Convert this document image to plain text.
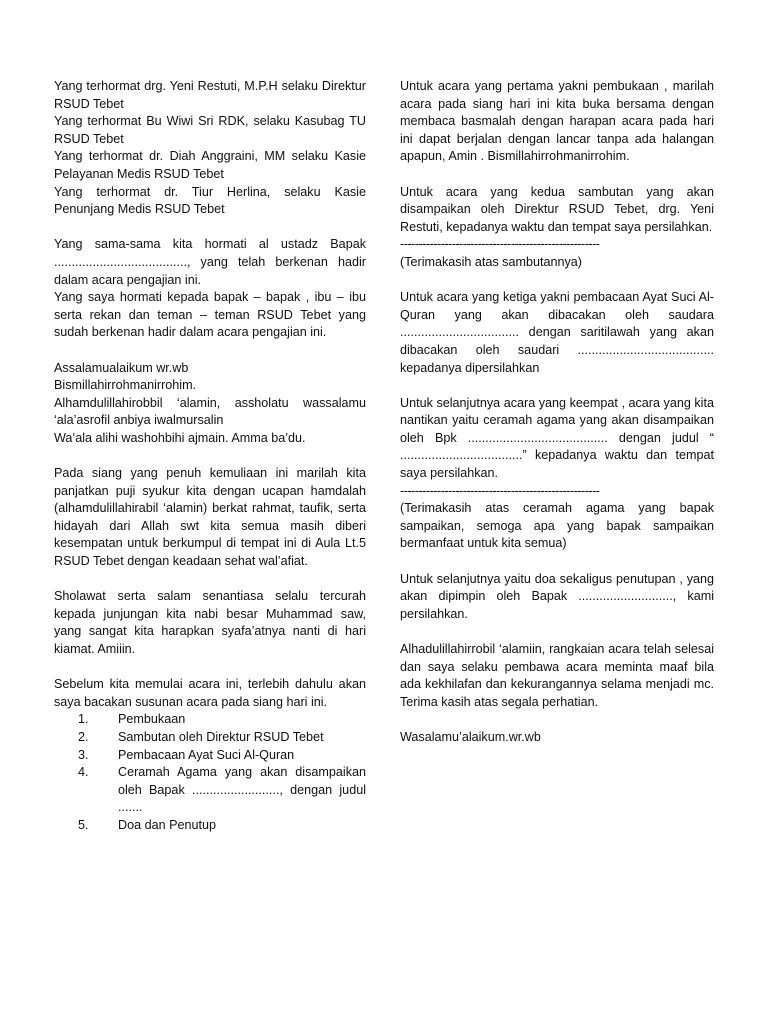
Yang terhormat drg. Yeni Restuti, M.P.H selaku Direktur RSUD Tebet

Yang terhormat Bu Wiwi Sri RDK, selaku Kasubag TU RSUD Tebet

Yang terhormat dr. Diah Anggraini, MM selaku Kasie Pelayanan Medis RSUD Tebet

Yang terhormat dr. Tiur Herlina, selaku Kasie Penunjang Medis RSUD Tebet

Yang sama-sama kita hormati al ustadz Bapak ......................................, yang telah berkenan hadir dalam acara pengajian ini.

Yang saya hormati kepada bapak – bapak , ibu – ibu serta rekan dan teman – teman RSUD Tebet yang sudah berkenan hadir dalam acara pengajian ini.

Assalamualaikum wr.wb

Bismillahirrohmanirrohim.

Alhamdulillahirobbil ‘alamin, assholatu wassalamu ‘ala’asrofil anbiya iwalmursalin

Wa’ala alihi washohbihi ajmain. Amma ba’du.

Pada siang yang penuh kemuliaan ini marilah kita panjatkan puji syukur kita dengan ucapan hamdalah (alhamdulillahirabil ‘alamin) berkat rahmat, taufik, serta hidayah dari Allah swt kita semua masih diberi kesempatan untuk berkumpul di tempat ini di Aula Lt.5 RSUD Tebet dengan keadaan sehat wal’afiat.

Sholawat serta salam senantiasa selalu tercurah kepada junjungan kita nabi besar Muhammad saw, yang sangat kita harapkan syafa’atnya nanti di hari kiamat. Amiiin.

Sebelum kita memulai acara ini, terlebih dahulu akan saya bacakan susunan acara pada siang hari ini.

1.	Pembukaan
2.	Sambutan oleh Direktur RSUD Tebet
3.	Pembacaan Ayat Suci Al-Quran
4.	Ceramah Agama yang akan disampaikan oleh Bapak ........................., dengan judul .......
5.	Doa dan Penutup

Untuk acara yang pertama yakni pembukaan , marilah acara pada siang hari ini kita buka bersama dengan membaca basmalah dengan harapan acara pada hari ini dapat berjalan dengan lancar tanpa ada halangan apapun, Amin . Bismillahirrohmanirrohim.

Untuk acara yang kedua sambutan yang akan disampaikan oleh Direktur RSUD Tebet, drg. Yeni Restuti, kepadanya waktu dan tempat saya persilahkan.

------------------------------------------------------

(Terimakasih atas sambutannya)

Untuk acara yang ketiga yakni pembacaan Ayat Suci Al-Quran yang akan dibacakan oleh saudara .................................. dengan saritilawah yang akan dibacakan oleh saudari ....................................... kepadanya dipersilahkan

Untuk selanjutnya acara yang keempat , acara yang kita nantikan yaitu ceramah agama yang akan disampaikan oleh Bpk ........................................ dengan judul “ ...................................” kepadanya waktu dan tempat saya persilahkan.

------------------------------------------------------

(Terimakasih atas ceramah agama yang bapak sampaikan, semoga apa yang bapak sampaikan bermanfaat untuk kita semua)

Untuk selanjutnya yaitu doa sekaligus penutupan , yang akan dipimpin oleh Bapak ..........................., kami persilahkan.

Alhadulillahirrobil ‘alamiin, rangkaian acara telah selesai dan saya selaku pembawa acara meminta maaf bila ada kekhilafan dan kekurangannya selama menjadi mc. Terima kasih atas segala perhatian.

Wasalamu’alaikum.wr.wb
